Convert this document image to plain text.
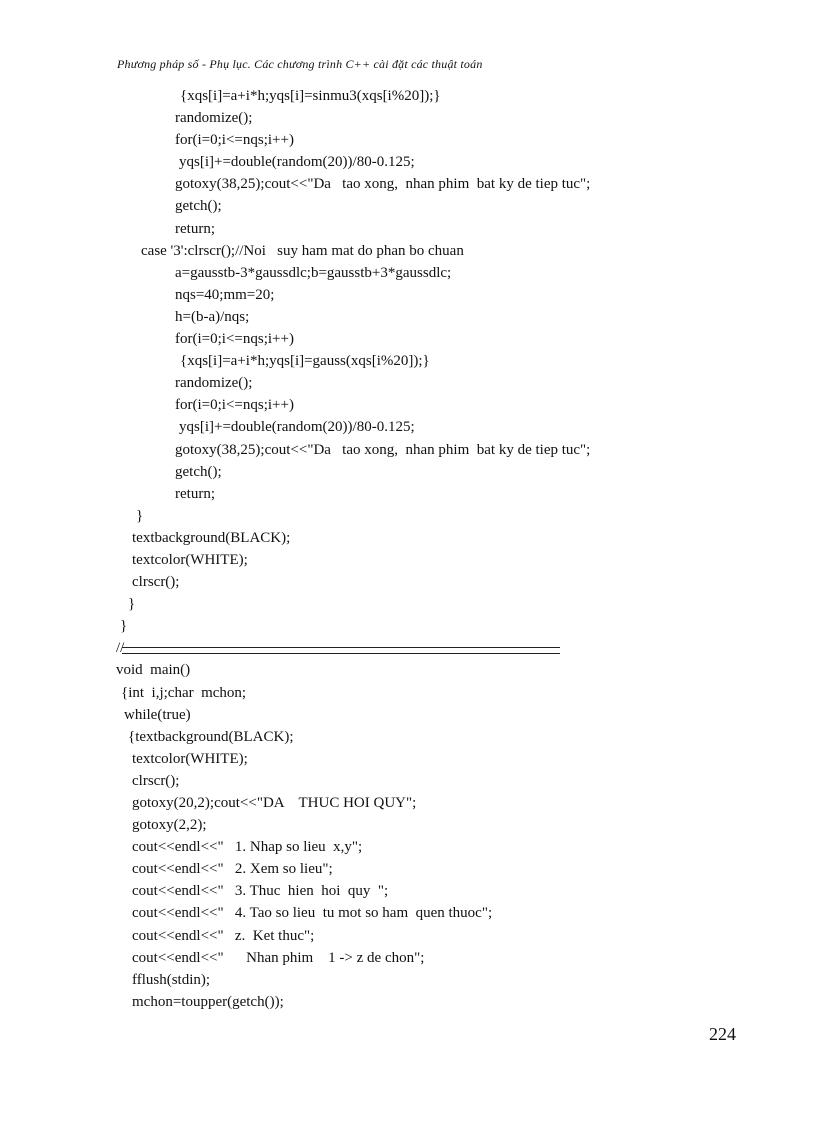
Phương pháp số - Phụ lục. Các chương trình C++ cài đặt các thuật toán
{xqs[i]=a+i*h;yqs[i]=sinmu3(xqs[i%20]);}
randomize();
for(i=0;i<=nqs;i++)
yqs[i]+=double(random(20))/80-0.125;
gotoxy(38,25);cout<<"Da   tao xong,  nhan phim  bat ky de tiep tuc";
getch();
return;
case '3':clrscr();//Noi   suy ham mat do phan bo chuan
a=gausstb-3*gaussdlc;b=gausstb+3*gaussdlc;
nqs=40;mm=20;
h=(b-a)/nqs;
for(i=0;i<=nqs;i++)
{xqs[i]=a+i*h;yqs[i]=gauss(xqs[i%20]);}
randomize();
for(i=0;i<=nqs;i++)
yqs[i]+=double(random(20))/80-0.125;
gotoxy(38,25);cout<<"Da   tao xong,  nhan phim  bat ky de tiep tuc";
getch();
return;
}
textbackground(BLACK);
textcolor(WHITE);
clrscr();
}
}
//
void  main()
{int  i,j;char  mchon;
while(true)
{textbackground(BLACK);
textcolor(WHITE);
clrscr();
gotoxy(20,2);cout<<"DA    THUC HOI QUY";
gotoxy(2,2);
cout<<endl<<"   1. Nhap so lieu  x,y";
cout<<endl<<"   2. Xem so lieu";
cout<<endl<<"   3. Thuc  hien  hoi  quy  ";
cout<<endl<<"   4. Tao so lieu  tu mot so ham  quen thuoc";
cout<<endl<<"   z.  Ket thuc";
cout<<endl<<"      Nhan phim    1 -> z de chon";
fflush(stdin);
mchon=toupper(getch());
224
